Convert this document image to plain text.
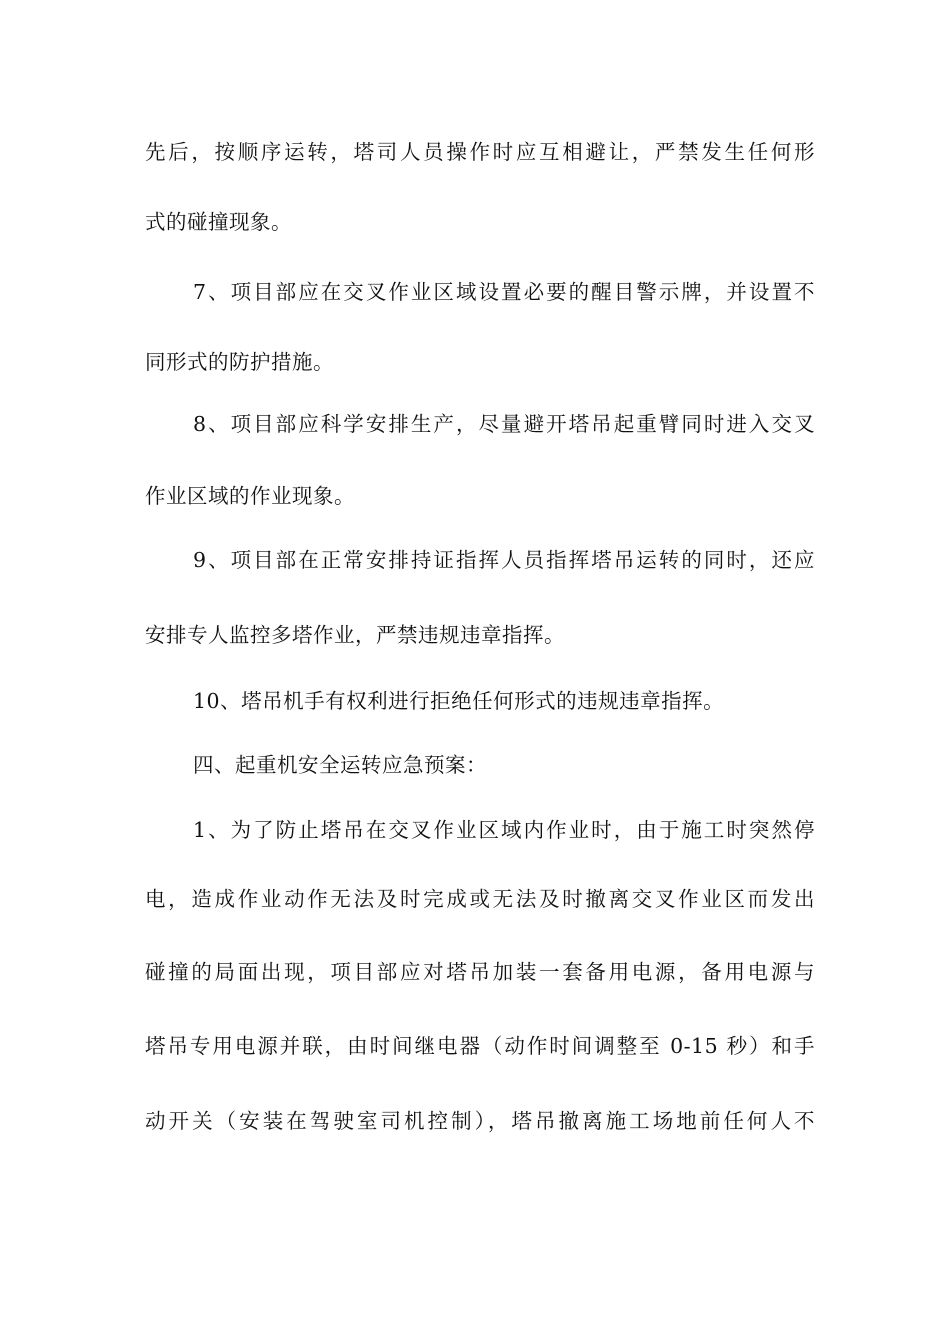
先后，按顺序运转，塔司人员操作时应互相避让，严禁发生任何形
式的碰撞现象。
7、项目部应在交叉作业区域设置必要的醒目警示牌，并设置不
同形式的防护措施。
8、项目部应科学安排生产，尽量避开塔吊起重臂同时进入交叉
作业区域的作业现象。
9、项目部在正常安排持证指挥人员指挥塔吊运转的同时，还应
安排专人监控多塔作业，严禁违规违章指挥。
10、塔吊机手有权利进行拒绝任何形式的违规违章指挥。
四、起重机安全运转应急预案：
1、为了防止塔吊在交叉作业区域内作业时，由于施工时突然停
电，造成作业动作无法及时完成或无法及时撤离交叉作业区而发出
碰撞的局面出现，项目部应对塔吊加装一套备用电源，备用电源与
塔吊专用电源并联，由时间继电器（动作时间调整至 0-15 秒）和手
动开关（安装在驾驶室司机控制），塔吊撤离施工场地前任何人不
